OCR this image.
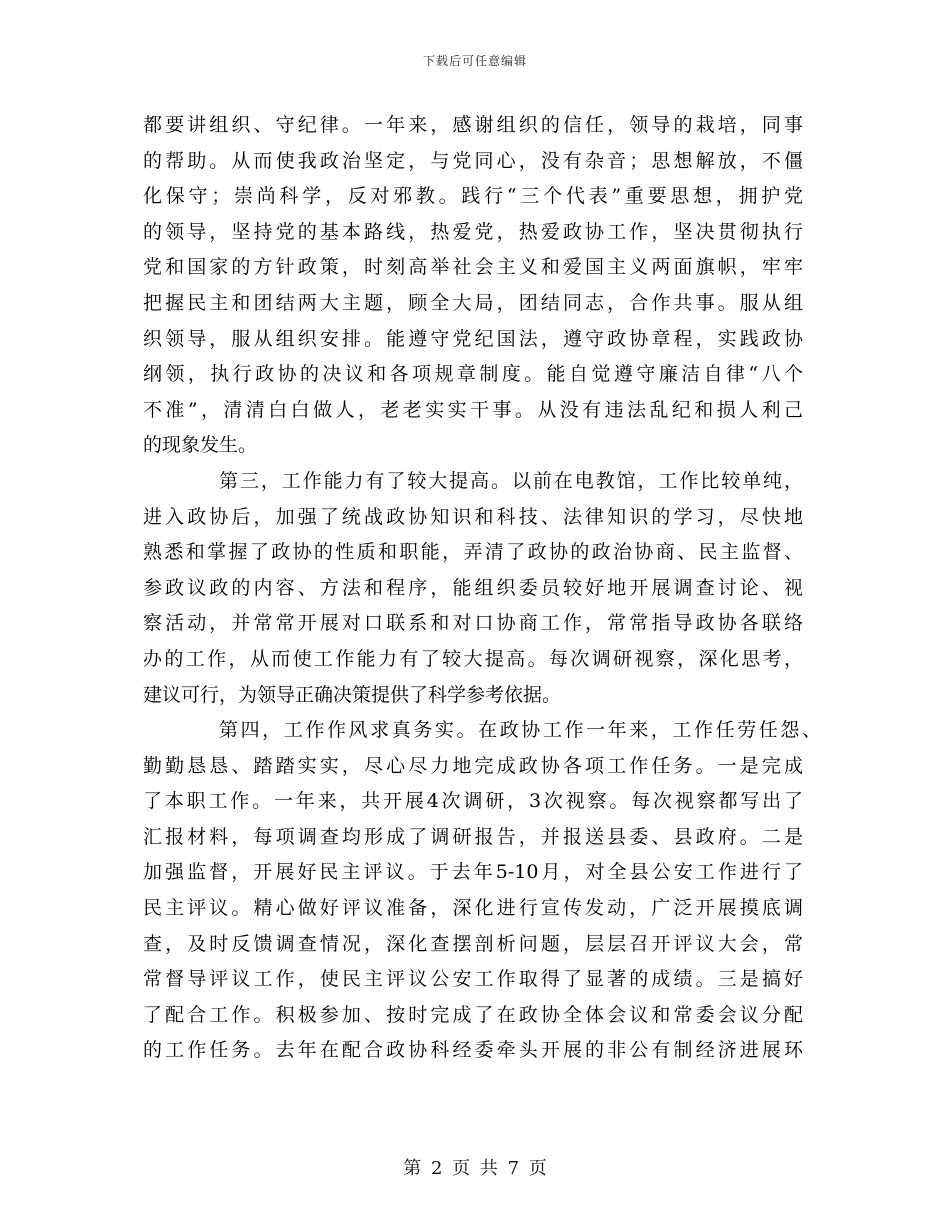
下载后可任意编辑
都要讲组织、守纪律。一年来，感谢组织的信任，领导的栽培，同事
的帮助。从而使我政治坚定，与党同心，没有杂音；思想解放，不僵
化保守；崇尚科学，反对邪教。践行“三个代表”重要思想，拥护党
的领导，坚持党的基本路线，热爱党，热爱政协工作，坚决贯彻执行
党和国家的方针政策，时刻高举社会主义和爱国主义两面旗帜，牢牢
把握民主和团结两大主题，顾全大局，团结同志，合作共事。服从组
织领导，服从组织安排。能遵守党纪国法，遵守政协章程，实践政协
纲领，执行政协的决议和各项规章制度。能自觉遵守廉洁自律“八个
不准”，清清白白做人，老老实实干事。从没有违法乱纪和损人利己
的现象发生。
第三，工作能力有了较大提高。以前在电教馆，工作比较单纯，
进入政协后，加强了统战政协知识和科技、法律知识的学习，尽快地
熟悉和掌握了政协的性质和职能，弄清了政协的政治协商、民主监督、
参政议政的内容、方法和程序，能组织委员较好地开展调查讨论、视
察活动，并常常开展对口联系和对口协商工作，常常指导政协各联络
办的工作，从而使工作能力有了较大提高。每次调研视察，深化思考，
建议可行，为领导正确决策提供了科学参考依据。
第四，工作作风求真务实。在政协工作一年来，工作任劳任怨、
勤勤恳恳、踏踏实实，尽心尽力地完成政协各项工作任务。一是完成
了本职工作。一年来，共开展4次调研，3次视察。每次视察都写出了
汇报材料，每项调查均形成了调研报告，并报送县委、县政府。二是
加强监督，开展好民主评议。于去年5-10月，对全县公安工作进行了
民主评议。精心做好评议准备，深化进行宣传发动，广泛开展摸底调
查，及时反馈调查情况，深化查摆剖析问题，层层召开评议大会，常
常督导评议工作，使民主评议公安工作取得了显著的成绩。三是搞好
了配合工作。积极参加、按时完成了在政协全体会议和常委会议分配
的工作任务。去年在配合政协科经委牵头开展的非公有制经济进展环
第 2 页 共 7 页
